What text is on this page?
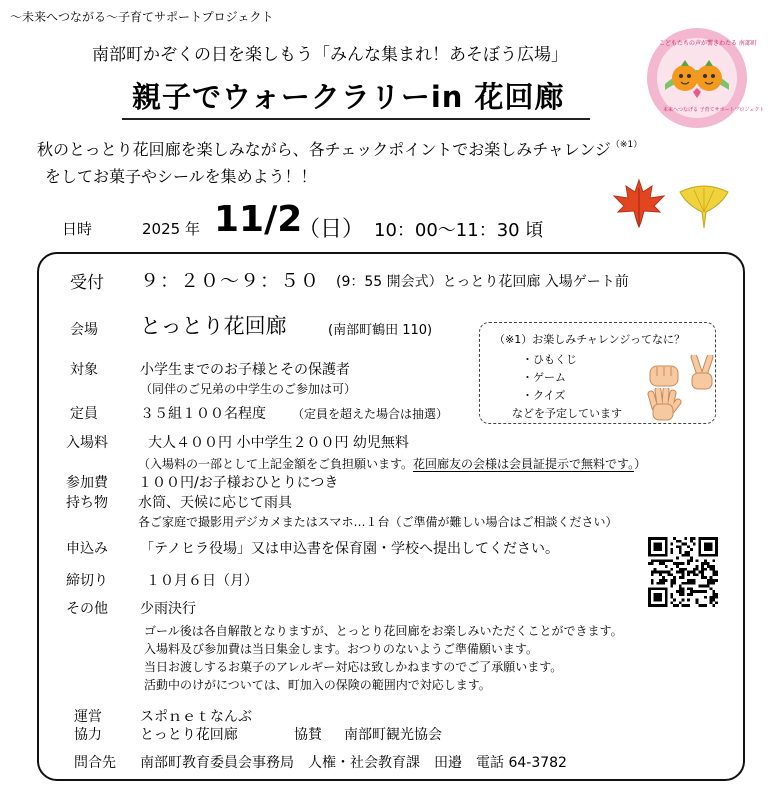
～未来へつながる～子育てサポートプロジェクト
南部町かぞくの日を楽しもう「みんな集まれ！あそぼう広場」
親子でウォークラリーin 花回廊
こどもたちの声が響きわたる 南部町
未来へつなげる 子育てサポートプロジェクト
秋のとっとり花回廊を楽しみながら、各チェックポイントでお楽しみチャレンジ$^{(※1)}$
をしてお菓子やシールを集めよう！！
日時	2025 年 11/2
（日） 10：00～11：30 頃
受付 ９：２０～９：５０ (9：55 開会式）とっとり花回廊 入場ゲート前
会場 とっとり花回廊	(南部町鶴田 110)
対象	小学生までのお子様とその保護者
（同伴のご兄弟の中学生のご参加は可）
定員	３５組１００名程度 （定員を超えた場合は抽選）
入場料	大人４００円 小中学生２００円 幼児無料
（入場料の一部として上記金額をご負担願います。花回廊友の会様は会員証提示で無料です。）
参加費 １００円/お子様おひとりにつき
持ち物 水筒、天候に応じて雨具
各ご家庭で撮影用デジカメまたはスマホ…１台（ご準備が難しい場合はご相談ください）
申込み 「テノヒラ役場」又は申込書を保育園・学校へ提出してください。
締切り	１０月６日（月）
その他 少雨決行
ゴール後は各自解散となりますが、とっとり花回廊をお楽しみいただくことができます。
入場料及び参加費は当日集金します。おつりのないようご準備願います。
当日お渡しするお菓子のアレルギー対応は致しかねますのでご了承願います。
活動中のけがについては、町加入の保険の範囲内で対応します。
運営	スポｎｅｔなんぶ
協力	とっとり花回廊	協賛 南部町観光協会
問合先 南部町教育委員会事務局　人権・社会教育課　田邉　電話 64-3782
（※1）お楽しみチャレンジってなに？
・ひもくじ
・ゲーム
・クイズ
などを予定しています
